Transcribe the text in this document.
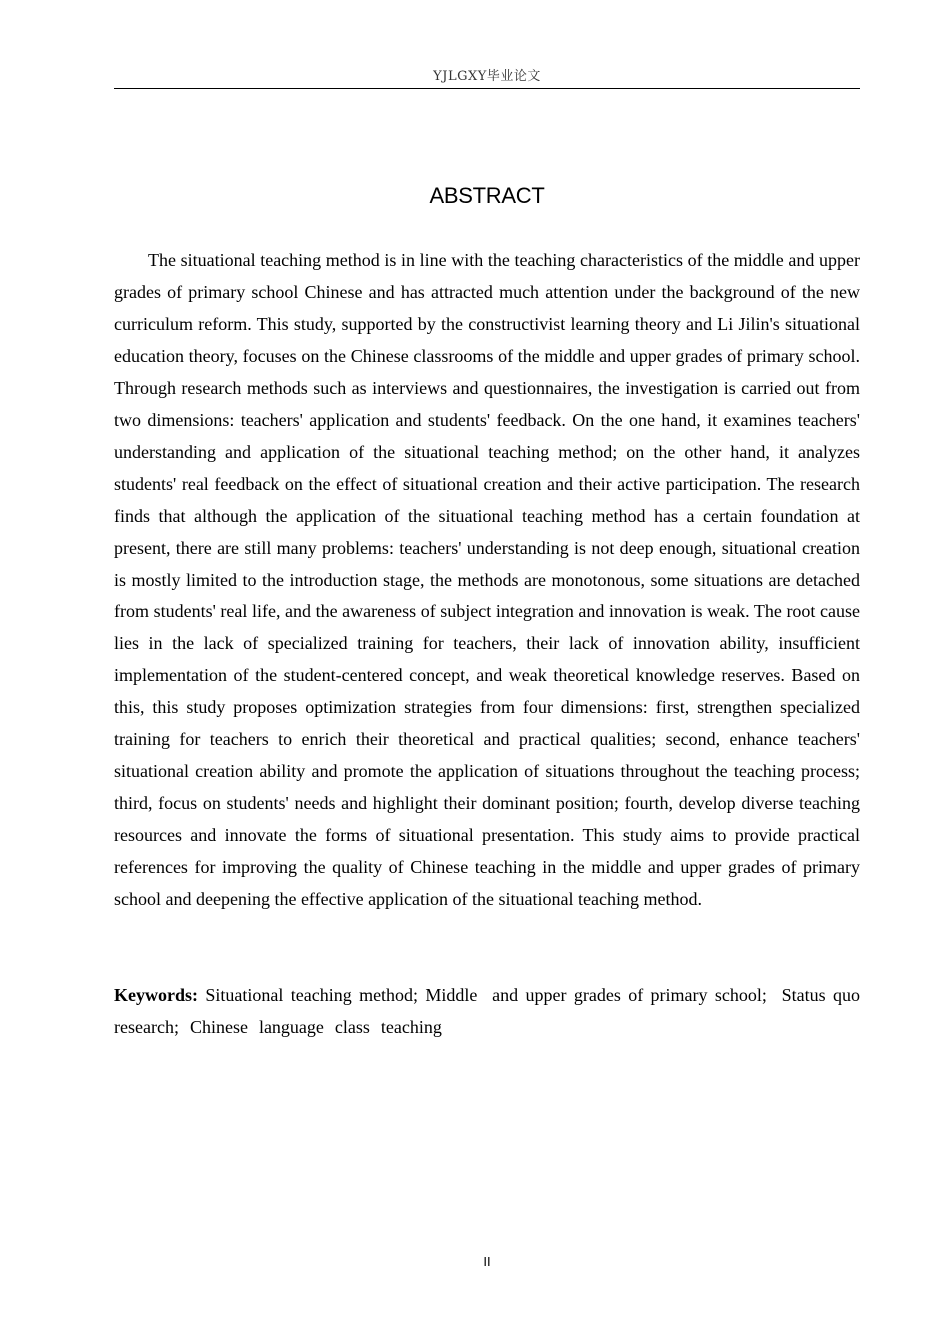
YJLGXY毕业论文
ABSTRACT

The situational teaching method is in line with the teaching characteristics of the middle and upper grades of primary school Chinese and has attracted much attention under the background of the new curriculum reform. This study, supported by the constructivist learning theory and Li Jilin's situational education theory, focuses on the Chinese classrooms of the middle and upper grades of primary school. Through research methods such as interviews and questionnaires, the investigation is carried out from two dimensions: teachers' application and students' feedback. On the one hand, it examines teachers' understanding and application of the situational teaching method; on the other hand, it analyzes students' real feedback on the effect of situational creation and their active participation. The research finds that although the application of the situational teaching method has a certain foundation at present, there are still many problems: teachers' understanding is not deep enough, situational creation is mostly limited to the introduction stage, the methods are monotonous, some situations are detached from students' real life, and the awareness of subject integration and innovation is weak. The root cause lies in the lack of specialized training for teachers, their lack of innovation ability, insufficient implementation of the student-centered concept, and weak theoretical knowledge reserves. Based on this, this study proposes optimization strategies from four dimensions: first, strengthen specialized training for teachers to enrich their theoretical and practical qualities; second, enhance teachers' situational creation ability and promote the application of situations throughout the teaching process; third, focus on students' needs and highlight their dominant position; fourth, develop diverse teaching resources and innovate the forms of situational presentation. This study aims to provide practical references for improving the quality of Chinese teaching in the middle and upper grades of primary school and deepening the effective application of the situational teaching method.

Keywords: Situational teaching method; Middle  and upper grades of primary school;  Status quo research;  Chinese  language  class  teaching

II
